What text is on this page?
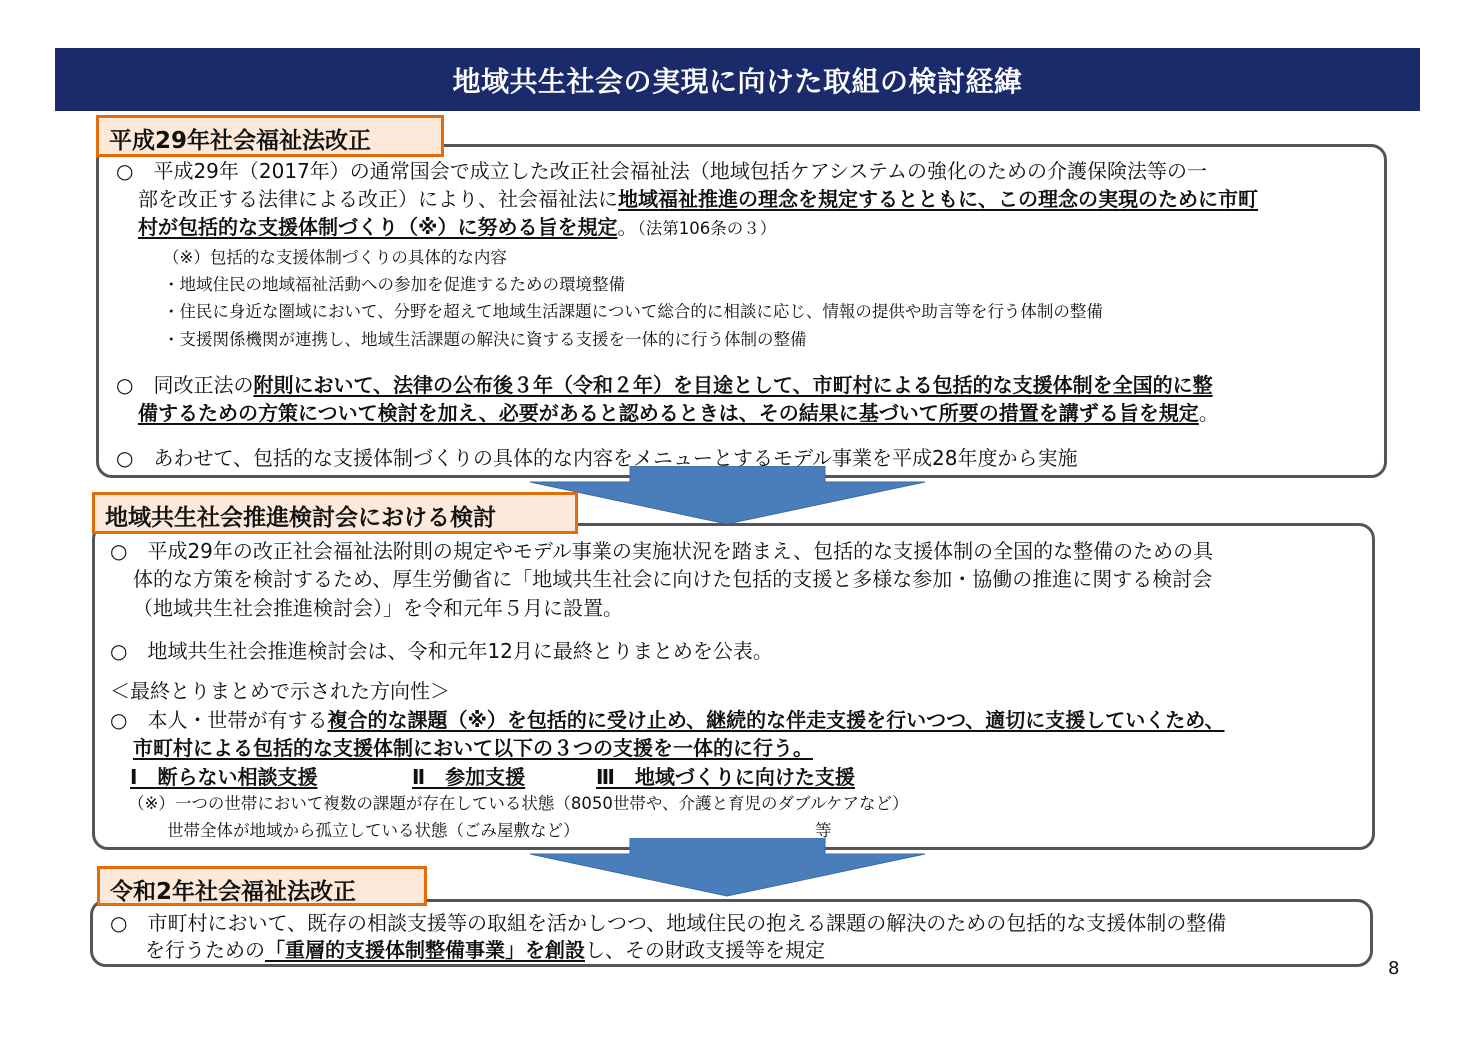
地域共生社会の実現に向けた取組の検討経緯
平成29年社会福祉法改正
○　平成29年（2017年）の通常国会で成立した改正社会福祉法（地域包括ケアシステムの強化のための介護保険法等の一
部を改正する法律による改正）により、社会福祉法に地域福祉推進の理念を規定するとともに、この理念の実現のために市町
村が包括的な支援体制づくり（※）に努める旨を規定。（法第106条の３）
（※）包括的な支援体制づくりの具体的な内容
・地域住民の地域福祉活動への参加を促進するための環境整備
・住民に身近な圏域において、分野を超えて地域生活課題について総合的に相談に応じ、情報の提供や助言等を行う体制の整備
・支援関係機関が連携し、地域生活課題の解決に資する支援を一体的に行う体制の整備
○　同改正法の附則において、法律の公布後３年（令和２年）を目途として、市町村による包括的な支援体制を全国的に整
備するための方策について検討を加え、必要があると認めるときは、その結果に基づいて所要の措置を講ずる旨を規定。
○　あわせて、包括的な支援体制づくりの具体的な内容をメニューとするモデル事業を平成28年度から実施
地域共生社会推進検討会における検討
○　平成29年の改正社会福祉法附則の規定やモデル事業の実施状況を踏まえ、包括的な支援体制の全国的な整備のための具
体的な方策を検討するため、厚生労働省に「地域共生社会に向けた包括的支援と多様な参加・協働の推進に関する検討会
（地域共生社会推進検討会）」を令和元年５月に設置。
○　地域共生社会推進検討会は、令和元年12月に最終とりまとめを公表。
＜最終とりまとめで示された方向性＞
○　本人・世帯が有する複合的な課題（※）を包括的に受け止め、継続的な伴走支援を行いつつ、適切に支援していくため、
市町村による包括的な支援体制において以下の３つの支援を一体的に行う。
Ⅰ　断らない相談支援	Ⅱ　参加支援	Ⅲ　地域づくりに向けた支援
（※）一つの世帯において複数の課題が存在している状態（8050世帯や、介護と育児のダブルケアなど）
世帯全体が地域から孤立している状態（ごみ屋敷など）	等
令和2年社会福祉法改正
○　市町村において、既存の相談支援等の取組を活かしつつ、地域住民の抱える課題の解決のための包括的な支援体制の整備
を行うための「重層的支援体制整備事業」を創設し、その財政支援等を規定
8
